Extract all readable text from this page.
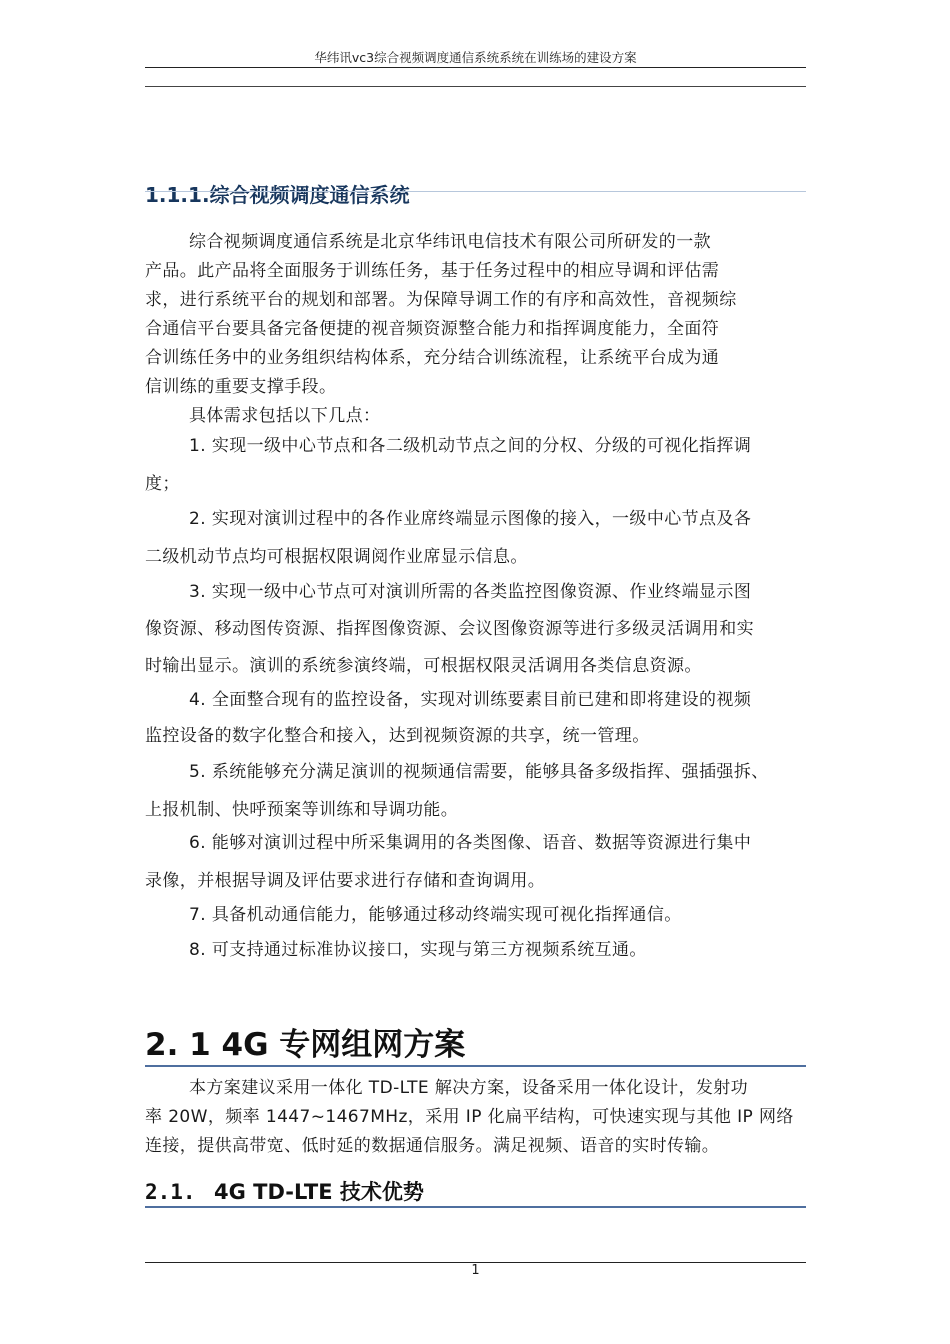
华纬讯vc3综合视频调度通信系统系统在训练场的建设方案
1.1.1.综合视频调度通信系统
综合视频调度通信系统是北京华纬讯电信技术有限公司所研发的一款
产品。此产品将全面服务于训练任务，基于任务过程中的相应导调和评估需
求，进行系统平台的规划和部署。为保障导调工作的有序和高效性，音视频综
合通信平台要具备完备便捷的视音频资源整合能力和指挥调度能力，全面符
合训练任务中的业务组织结构体系，充分结合训练流程，让系统平台成为通
信训练的重要支撑手段。
具体需求包括以下几点：
1. 实现一级中心节点和各二级机动节点之间的分权、分级的可视化指挥调
度；
2. 实现对演训过程中的各作业席终端显示图像的接入，一级中心节点及各
二级机动节点均可根据权限调阅作业席显示信息。
3. 实现一级中心节点可对演训所需的各类监控图像资源、作业终端显示图
像资源、移动图传资源、指挥图像资源、会议图像资源等进行多级灵活调用和实
时输出显示。演训的系统参演终端，可根据权限灵活调用各类信息资源。
4. 全面整合现有的监控设备，实现对训练要素目前已建和即将建设的视频
监控设备的数字化整合和接入，达到视频资源的共享，统一管理。
5. 系统能够充分满足演训的视频通信需要，能够具备多级指挥、强插强拆、
上报机制、快呼预案等训练和导调功能。
6. 能够对演训过程中所采集调用的各类图像、语音、数据等资源进行集中
录像，并根据导调及评估要求进行存储和查询调用。
7. 具备机动通信能力，能够通过移动终端实现可视化指挥通信。
8. 可支持通过标准协议接口，实现与第三方视频系统互通。
2. 1 4G 专网组网方案
本方案建议采用一体化 TD-LTE 解决方案，设备采用一体化设计，发射功
率 20W，频率 1447~1467MHz，采用 IP 化扁平结构，可快速实现与其他 IP 网络
连接，提供高带宽、低时延的数据通信服务。满足视频、语音的实时传输。
2.1. 4G TD-LTE 技术优势
1
